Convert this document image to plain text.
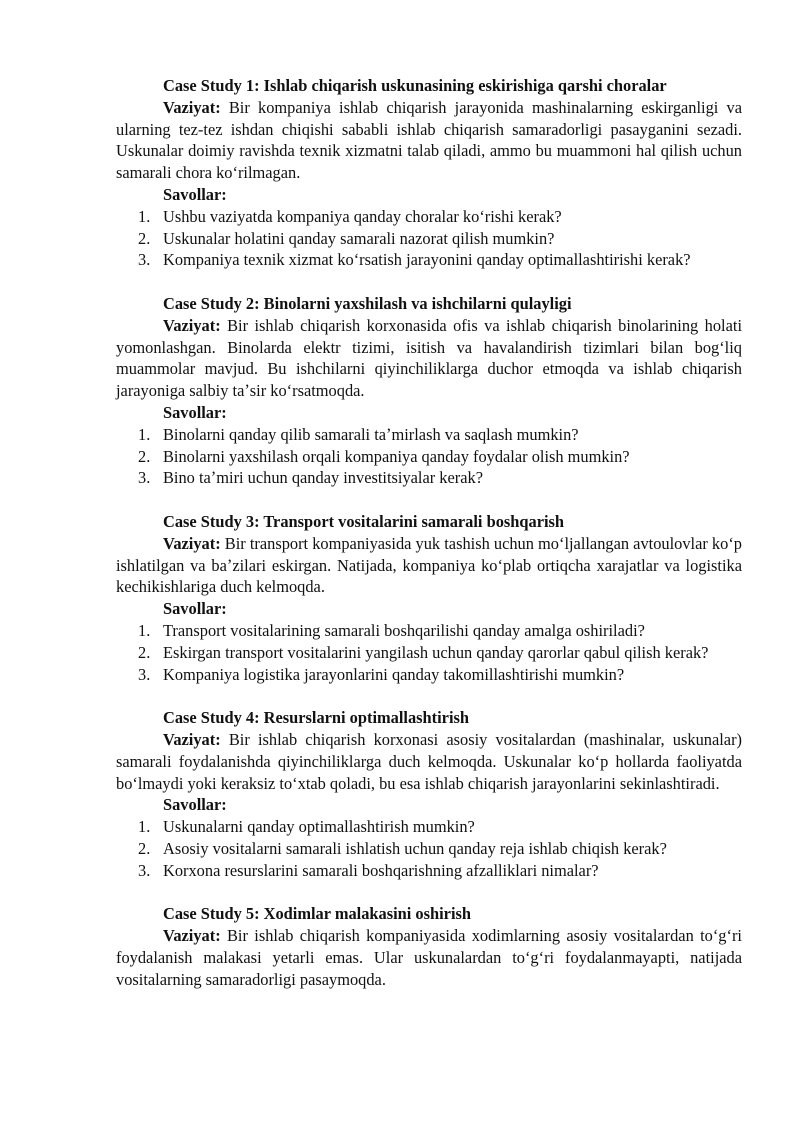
Case Study 1: Ishlab chiqarish uskunasining eskirishiga qarshi choralar
Vaziyat: Bir kompaniya ishlab chiqarish jarayonida mashinalarning eskirganligi va ularning tez-tez ishdan chiqishi sababli ishlab chiqarish samaradorligi pasayganini sezadi. Uskunalar doimiy ravishda texnik xizmatni talab qiladi, ammo bu muammoni hal qilish uchun samarali chora koʻrilmagan.
Savollar:
1. Ushbu vaziyatda kompaniya qanday choralar koʻrishi kerak?
2. Uskunalar holatini qanday samarali nazorat qilish mumkin?
3. Kompaniya texnik xizmat koʻrsatish jarayonini qanday optimallashtirishi kerak?
Case Study 2: Binolarni yaxshilash va ishchilarni qulayligi
Vaziyat: Bir ishlab chiqarish korxonasida ofis va ishlab chiqarish binolarining holati yomonlashgan. Binolarda elektr tizimi, isitish va havalandirish tizimlari bilan bogʻliq muammolar mavjud. Bu ishchilarni qiyinchiliklarga duchor etmoqda va ishlab chiqarish jarayoniga salbiy taʼsir koʻrsatmoqda.
Savollar:
1. Binolarni qanday qilib samarali taʼmirlash va saqlash mumkin?
2. Binolarni yaxshilash orqali kompaniya qanday foydalar olish mumkin?
3. Bino taʼmiri uchun qanday investitsiyalar kerak?
Case Study 3: Transport vositalarini samarali boshqarish
Vaziyat: Bir transport kompaniyasida yuk tashish uchun moʻljallangan avtoulovlar koʻp ishlatilgan va baʼzilari eskirgan. Natijada, kompaniya koʻplab ortiqcha xarajatlar va logistika kechikishlariga duch kelmoqda.
Savollar:
1. Transport vositalarining samarali boshqarilishi qanday amalga oshiriladi?
2. Eskirgan transport vositalarini yangilash uchun qanday qarorlar qabul qilish kerak?
3. Kompaniya logistika jarayonlarini qanday takomillashtirishi mumkin?
Case Study 4: Resurslarni optimallashtirish
Vaziyat: Bir ishlab chiqarish korxonasi asosiy vositalardan (mashinalar, uskunalar) samarali foydalanishda qiyinchiliklarga duch kelmoqda. Uskunalar koʻp hollarda faoliyatda boʻlmaydi yoki keraksiz toʻxtab qoladi, bu esa ishlab chiqarish jarayonlarini sekinlashtiradi.
Savollar:
1. Uskunalarni qanday optimallashtirish mumkin?
2. Asosiy vositalarni samarali ishlatish uchun qanday reja ishlab chiqish kerak?
3. Korxona resurslarini samarali boshqarishning afzalliklari nimalar?
Case Study 5: Xodimlar malakasini oshirish
Vaziyat: Bir ishlab chiqarish kompaniyasida xodimlarning asosiy vositalardan toʻgʻri foydalanish malakasi yetarli emas. Ular uskunalardan toʻgʻri foydalanmayapti, natijada vositalarning samaradorligi pasaymoqda.
